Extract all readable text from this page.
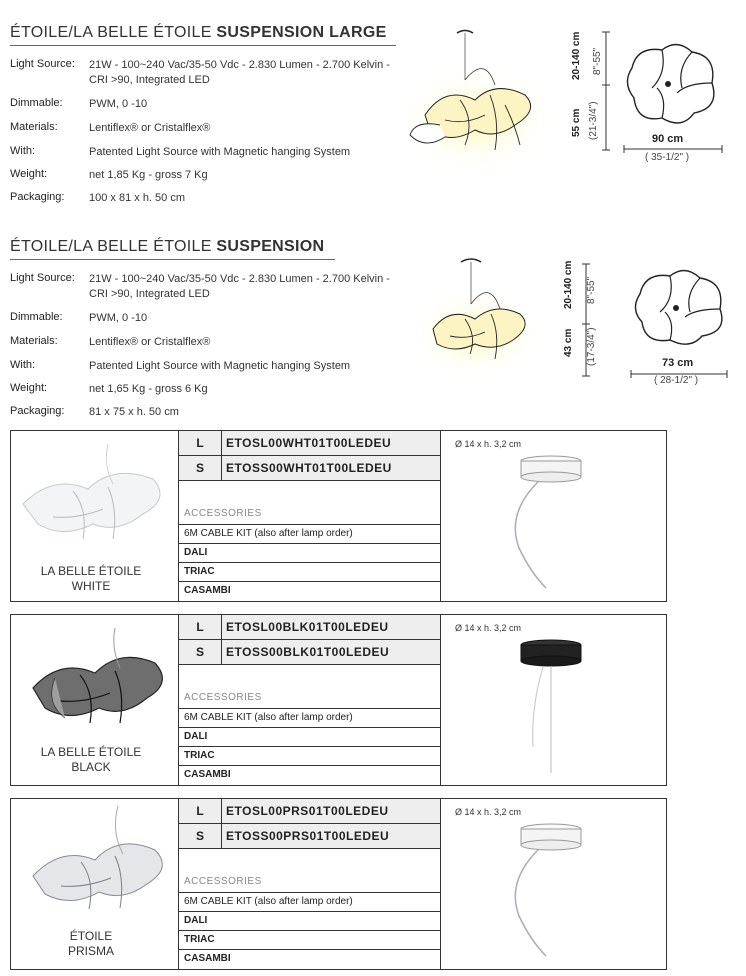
ÉTOILE/LA BELLE ÉTOILE SUSPENSION LARGE
Light Source: 21W - 100~240 Vac/35-50 Vdc - 2.830 Lumen - 2.700 Kelvin - CRI >90, Integrated LED
Dimmable: PWM, 0 -10
Materials:	Lentiflex® or Cristalflex®
With:	Patented Light Source with Magnetic hanging System
Weight:	net 1,85 Kg - gross 7 Kg
Packaging: 100 x 81 x h. 50 cm
20-140 cm 8"-55"
55 cm (21-3/4")	90 cm
( 35-1/2" )
ÉTOILE/LA BELLE ÉTOILE SUSPENSION
Light Source: 21W - 100~240 Vac/35-50 Vdc - 2.830 Lumen - 2.700 Kelvin - CRI >90, Integrated LED
Dimmable: PWM, 0 -10
Materials:	Lentiflex® or Cristalflex®
With:	Patented Light Source with Magnetic hanging System
Weight:	net 1,65 Kg - gross 6 Kg
Packaging: 81 x 75 x h. 50 cm
20-140 cm 8"-55"
43 cm (17-3/4")	73 cm
( 28-1/2" )
LA BELLE ÉTOILE
WHITE
L	ETOSL00WHT01T00LEDEU
S	ETOSS00WHT01T00LEDEU
ACCESSORIES
6M CABLE KIT (also after lamp order)
DALI
TRIAC
CASAMBI
Ø 14 x h. 3,2 cm
LA BELLE ÉTOILE
BLACK
L	ETOSL00BLK01T00LEDEU
S	ETOSS00BLK01T00LEDEU
ACCESSORIES
6M CABLE KIT (also after lamp order)
DALI
TRIAC
CASAMBI
Ø 14 x h. 3,2 cm
ÉTOILE
PRISMA
L	ETOSL00PRS01T00LEDEU
S	ETOSS00PRS01T00LEDEU
ACCESSORIES
6M CABLE KIT (also after lamp order)
DALI
TRIAC
CASAMBI
Ø 14 x h. 3,2 cm
